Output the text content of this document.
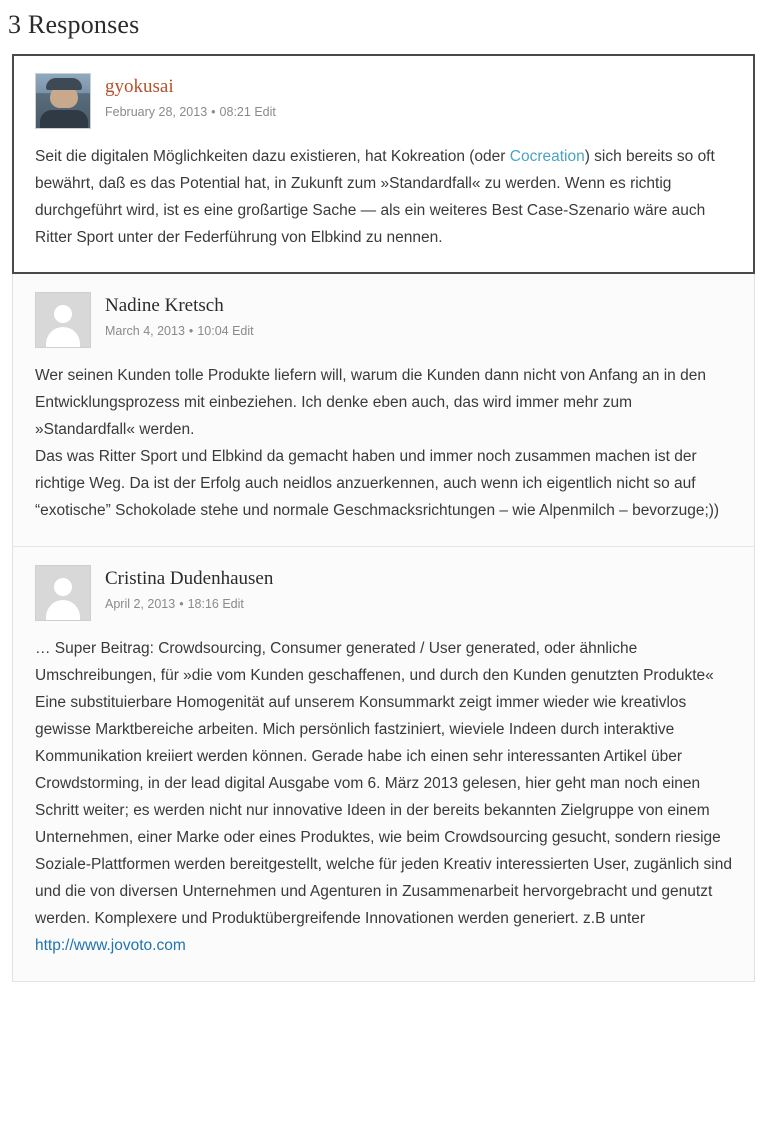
3 Responses
gyokusai
February 28, 2013 • 08:21 Edit

Seit die digitalen Möglichkeiten dazu existieren, hat Kokreation (oder Cocreation) sich bereits so oft bewährt, daß es das Potential hat, in Zukunft zum »Standardfall« zu werden. Wenn es richtig durchgeführt wird, ist es eine großartige Sache — als ein weiteres Best Case-Szenario wäre auch Ritter Sport unter der Federführung von Elbkind zu nennen.

Nadine Kretsch
March 4, 2013 • 10:04 Edit

Wer seinen Kunden tolle Produkte liefern will, warum die Kunden dann nicht von Anfang an in den Entwicklungsprozess mit einbeziehen. Ich denke eben auch, das wird immer mehr zum »Standardfall« werden.

Das was Ritter Sport und Elbkind da gemacht haben und immer noch zusammen machen ist der richtige Weg. Da ist der Erfolg auch neidlos anzuerkennen, auch wenn ich eigentlich nicht so auf “exotische” Schokolade stehe und normale Geschmacksrichtungen – wie Alpenmilch – bevorzuge;))

Cristina Dudenhausen
April 2, 2013 • 18:16 Edit

… Super Beitrag: Crowdsourcing, Consumer generated / User generated, oder ähnliche Umschreibungen, für »die vom Kunden geschaffenen, und durch den Kunden genutzten Produkte« Eine substituierbare Homogenität auf unserem Konsummarkt zeigt immer wieder wie kreativlos gewisse Marktbereiche arbeiten. Mich persönlich fastziniert, wieviele Indeen durch interaktive Kommunikation kreiiert werden können. Gerade habe ich einen sehr interessanten Artikel über Crowdstorming, in der lead digital Ausgabe vom 6. März 2013 gelesen, hier geht man noch einen Schritt weiter; es werden nicht nur innovative Ideen in der bereits bekannten Zielgruppe von einem Unternehmen, einer Marke oder eines Produktes, wie beim Crowdsourcing gesucht, sondern riesige Soziale-Plattformen werden bereitgestellt, welche für jeden Kreativ interessierten User, zugänlich sind und die von diversen Unternehmen und Agenturen in Zusammenarbeit hervorgebracht und genutzt werden. Komplexere und Produktübergreifende Innovationen werden generiert. z.B unter http://www.jovoto.com
